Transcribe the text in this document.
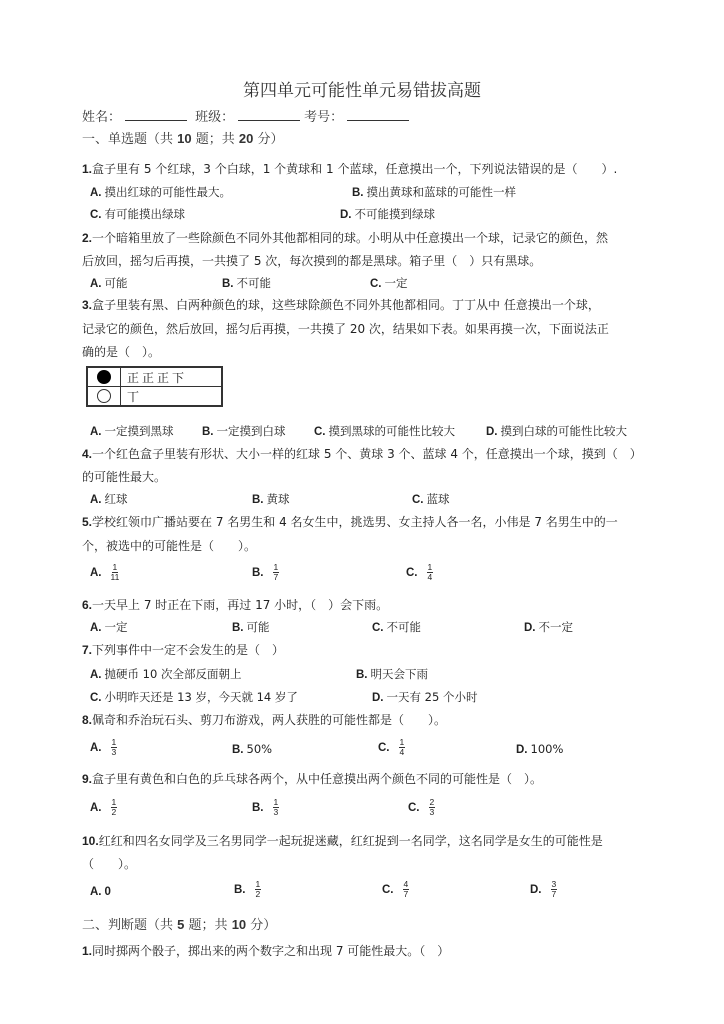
第四单元可能性单元易错拔高题
姓名：	班级：	考号：
一、单选题（共 10 题；共 20 分）
1.盒子里有 5 个红球，3 个白球，1 个黄球和 1 个蓝球，任意摸出一个，下列说法错误的是（　　）.
A. 摸出红球的可能性最大。	B. 摸出黄球和蓝球的可能性一样
C. 有可能摸出绿球	D. 不可能摸到绿球
2.一个暗箱里放了一些除颜色不同外其他都相同的球。小明从中任意摸出一个球，记录它的颜色，然
后放回，摇匀后再摸，一共摸了 5 次，每次摸到的都是黑球。箱子里（　）只有黑球。
A. 可能	B. 不可能	C. 一定
3.盒子里装有黑、白两种颜色的球，这些球除颜色不同外其他都相同。丁丁从中 任意摸出一个球，
记录它的颜色，然后放回，摇匀后再摸，一共摸了 20 次，结果如下表。如果再摸一次，下面说法正
确的是（　）。
	正正正下
	丅
A. 一定摸到黑球 B. 一定摸到白球 C. 摸到黑球的可能性比较大	D. 摸到白球的可能性比较大
4.一个红色盒子里装有形状、大小一样的红球 5 个、黄球 3 个、蓝球 4 个，任意摸出一个球，摸到（　）
的可能性最大。
A. 红球	B. 黄球	C. 蓝球
5.学校红领巾广播站要在 7 名男生和 4 名女生中，挑选男、女主持人各一名，小伟是 7 名男生中的一
个，被选中的可能性是（　　）。
A. $\frac{1}{11}$	B. $\frac{1}{7}$	C. $\frac{1}{4}$
6.一天早上 7 时正在下雨，再过 17 小时，（　）会下雨。
A. 一定	B. 可能	C. 不可能	D. 不一定
7.下列事件中一定不会发生的是（　）
A. 抛硬币 10 次全部反面朝上	B. 明天会下雨
C. 小明昨天还是 13 岁，今天就 14 岁了	D. 一天有 25 个小时
8.佩奇和乔治玩石头、剪刀布游戏，两人获胜的可能性都是（　　）。
A. $\frac{1}{3}$	B. 50%	C. $\frac{1}{4}$	D. 100%
9.盒子里有黄色和白色的乒乓球各两个，从中任意摸出两个颜色不同的可能性是（　）。
A. $\frac{1}{2}$	B. $\frac{1}{3}$	C. $\frac{2}{3}$
10.红红和四名女同学及三名男同学一起玩捉迷藏，红红捉到一名同学，这名同学是女生的可能性是
（　　）。
A. 0	B. $\frac{1}{2}$	C. $\frac{4}{7}$	D. $\frac{3}{7}$
二、判断题（共 5 题；共 10 分）
1.同时掷两个骰子，掷出来的两个数字之和出现 7 可能性最大。（　）
